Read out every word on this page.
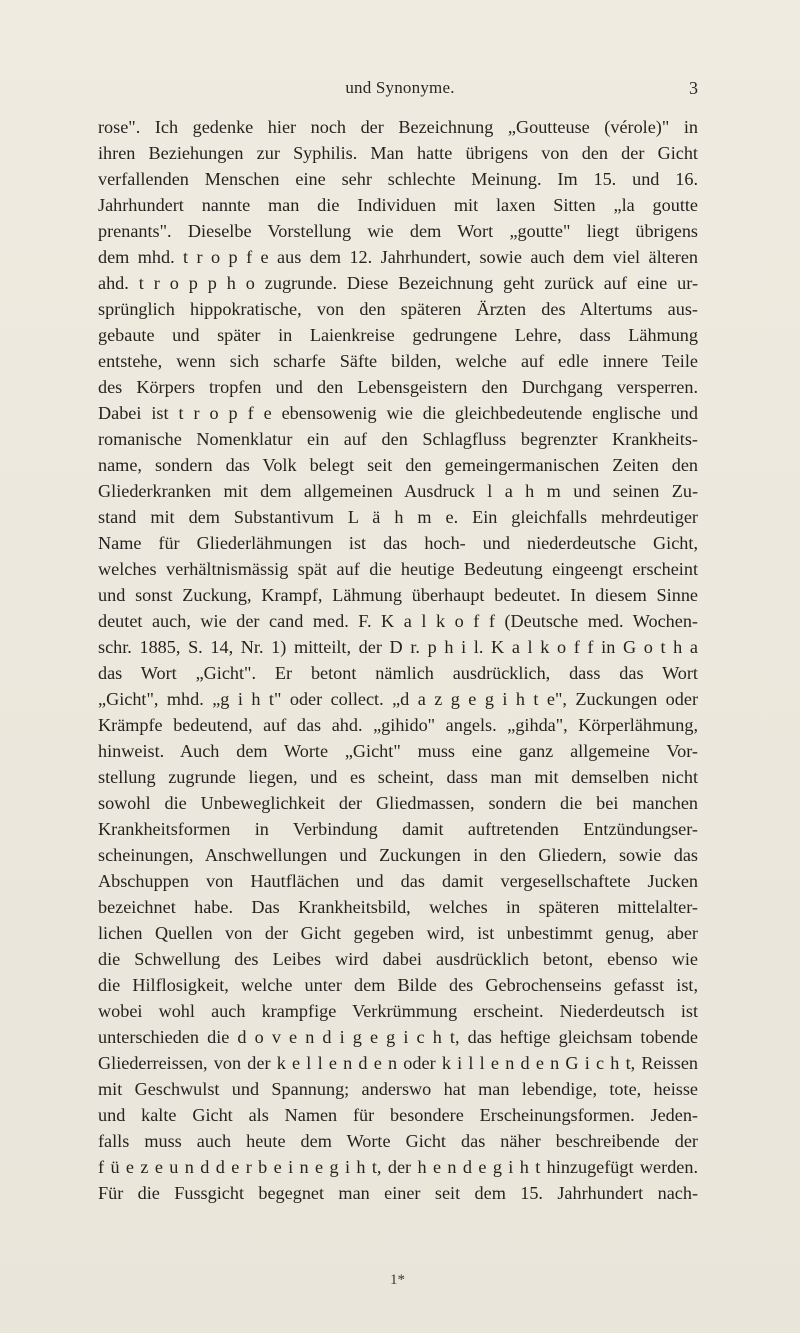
und Synonyme.	3
rose". Ich gedenke hier noch der Bezeichnung „Goutteuse (vérole)" in
ihren Beziehungen zur Syphilis. Man hatte übrigens von den der Gicht
verfallenden Menschen eine sehr schlechte Meinung. Im 15. und 16.
Jahrhundert nannte man die Individuen mit laxen Sitten „la goutte
prenants". Dieselbe Vorstellung wie dem Wort „goutte" liegt übrigens
dem mhd. t r o p f e aus dem 12. Jahrhundert, sowie auch dem viel älteren
ahd. t r o p p h o zugrunde. Diese Bezeichnung geht zurück auf eine ur-
sprünglich hippokratische, von den späteren Ärzten des Altertums aus-
gebaute und später in Laienkreise gedrungene Lehre, dass Lähmung
entstehe, wenn sich scharfe Säfte bilden, welche auf edle innere Teile
des Körpers tropfen und den Lebensgeistern den Durchgang versperren.
Dabei ist t r o p f e ebensowenig wie die gleichbedeutende englische und
romanische Nomenklatur ein auf den Schlagfluss begrenzter Krankheits-
name, sondern das Volk belegt seit den gemeingermanischen Zeiten den
Gliederkranken mit dem allgemeinen Ausdruck l a h m und seinen Zu-
stand mit dem Substantivum L ä h m e. Ein gleichfalls mehrdeutiger
Name für Gliederlähmungen ist das hoch- und niederdeutsche Gicht,
welches verhältnismässig spät auf die heutige Bedeutung eingeengt erscheint
und sonst Zuckung, Krampf, Lähmung überhaupt bedeutet. In diesem Sinne
deutet auch, wie der cand med. F. K a l k o f f (Deutsche med. Wochen-
schr. 1885, S. 14, Nr. 1) mitteilt, der D r. p h i l. K a l k o f f in G o t h a
das Wort „Gicht". Er betont nämlich ausdrücklich, dass das Wort
„Gicht", mhd. „g i h t" oder collect. „d a z g e g i h t e", Zuckungen oder
Krämpfe bedeutend, auf das ahd. „gihido" angels. „gihda", Körperlähmung,
hinweist. Auch dem Worte „Gicht" muss eine ganz allgemeine Vor-
stellung zugrunde liegen, und es scheint, dass man mit demselben nicht
sowohl die Unbeweglichkeit der Gliedmassen, sondern die bei manchen
Krankheitsformen in Verbindung damit auftretenden Entzündungser-
scheinungen, Anschwellungen und Zuckungen in den Gliedern, sowie das
Abschuppen von Hautflächen und das damit vergesellschaftete Jucken
bezeichnet habe. Das Krankheitsbild, welches in späteren mittelalter-
lichen Quellen von der Gicht gegeben wird, ist unbestimmt genug, aber
die Schwellung des Leibes wird dabei ausdrücklich betont, ebenso wie
die Hilflosigkeit, welche unter dem Bilde des Gebrochenseins gefasst ist,
wobei wohl auch krampfige Verkrümmung erscheint. Niederdeutsch ist
unterschieden die d o v e n d i g e g i c h t, das heftige gleichsam tobende
Gliederreissen, von der k e l l e n d e n oder k i l l e n d e n G i c h t, Reissen
mit Geschwulst und Spannung; anderswo hat man lebendige, tote, heisse
und kalte Gicht als Namen für besondere Erscheinungsformen. Jeden-
falls muss auch heute dem Worte Gicht das näher beschreibende der
f ü e z e u n d d e r b e i n e g i h t, der h e n d e g i h t hinzugefügt werden.
Für die Fussgicht begegnet man einer seit dem 15. Jahrhundert nach-
1*
